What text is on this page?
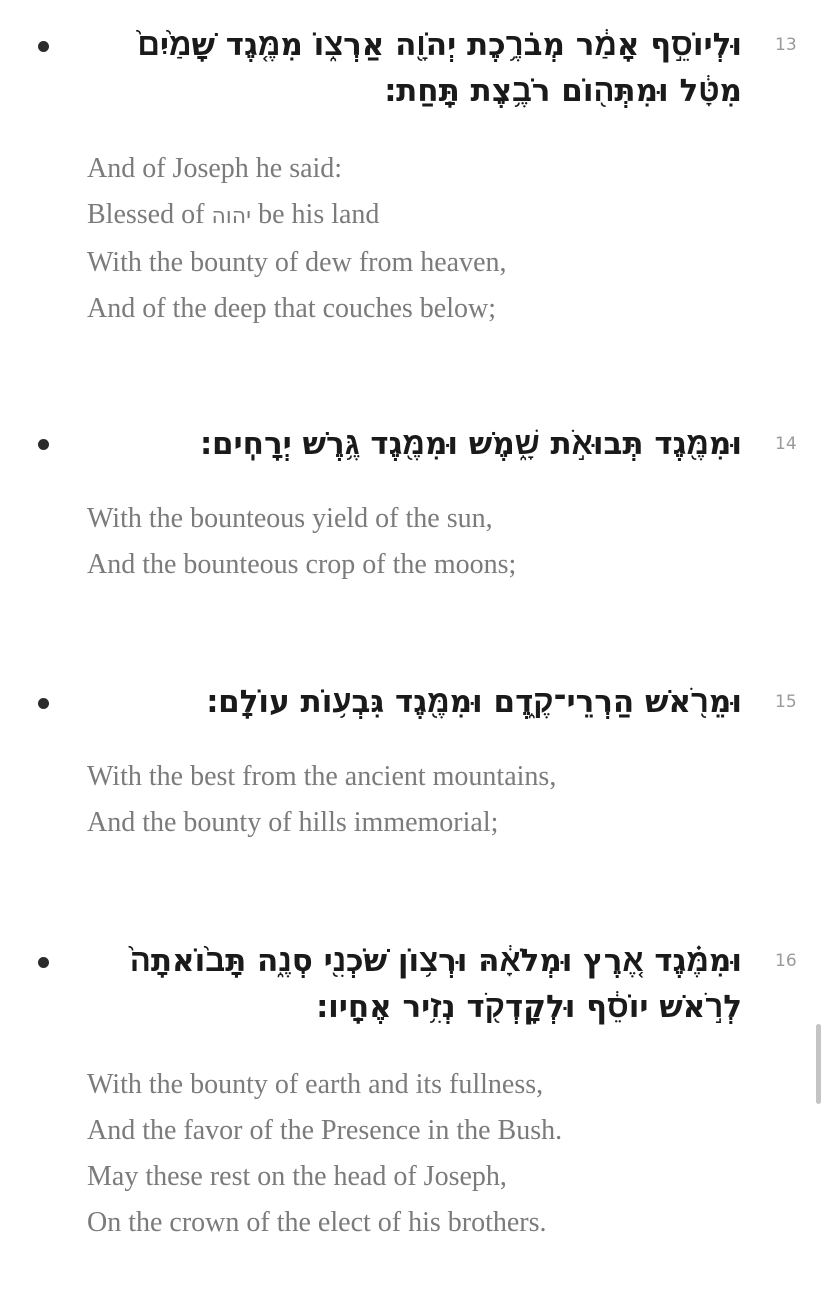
13
וּלְיוֹסֵ֣ף אָמַ֔ר מְבֹרֶ֥כֶת יְהֹוָ֖ה אַרְצ֑וֹ מִמֶּ֤גֶד שָׁמַ֙יִם֙
מִטָּ֔ל וּמִתְּה֖וֹם רֹבֶ֥צֶת תָּֽחַת׃
And of Joseph he said:
Blessed of יהוה be his land
With the bounty of dew from heaven,
And of the deep that couches below;
14
וּמִמֶּ֖גֶד תְּבוּאֹ֣ת שָׁ֑מֶשׁ וּמִמֶּ֖גֶד גֶּ֥רֶשׁ יְרָחִֽים׃
With the bounteous yield of the sun,
And the bounteous crop of the moons;
15
וּמֵרֹ֖אשׁ הַרְרֵי־קֶ֑דֶם וּמִמֶּ֖גֶד גִּבְע֥וֹת עוֹלָֽם׃
With the best from the ancient mountains,
And the bounty of hills immemorial;
16
וּמִמֶּ֗גֶד אֶ֚רֶץ וּמְלֹאָ֔הּ וּרְצ֥וֹן שֹׁכְנִ֖י סְנֶ֑ה תָּב֙וֹאתָה֙
לְרֹ֣אשׁ יוֹסֵ֔ף וּלְקָדְקֹ֖ד נְזִ֥יר אֶחָֽיו׃
With the bounty of earth and its fullness,
And the favor of the Presence in the Bush.
May these rest on the head of Joseph,
On the crown of the elect of his brothers.
